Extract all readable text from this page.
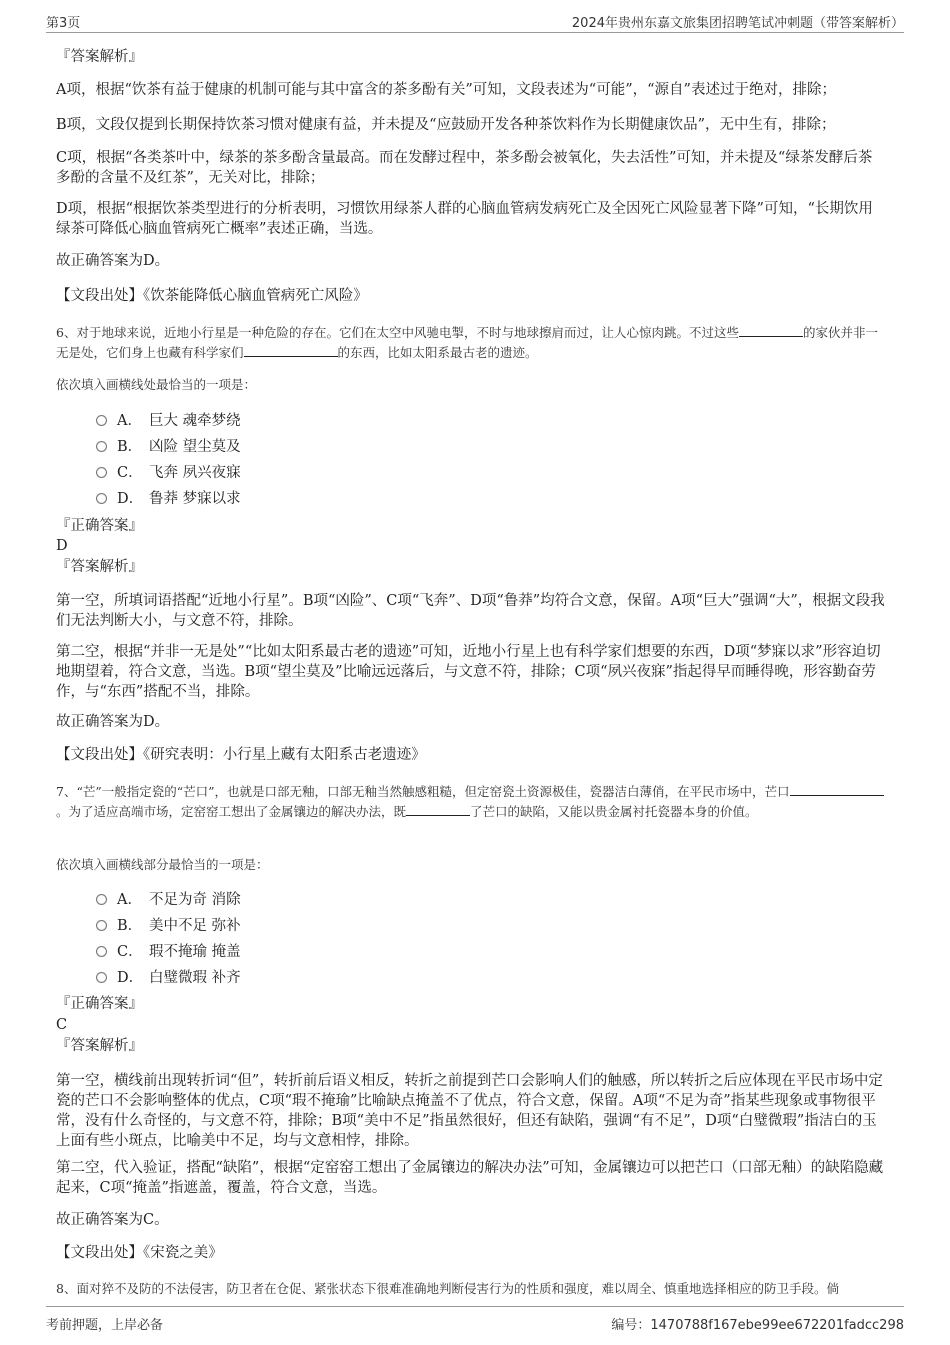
第3页	2024年贵州东嘉文旅集团招聘笔试冲刺题（带答案解析）
『答案解析』
A项，根据“饮茶有益于健康的机制可能与其中富含的茶多酚有关”可知，文段表述为“可能”，“源自”表述过于绝对，排除；
B项，文段仅提到长期保持饮茶习惯对健康有益，并未提及“应鼓励开发各种茶饮料作为长期健康饮品”，无中生有，排除；
C项，根据“各类茶叶中，绿茶的茶多酚含量最高。而在发酵过程中，茶多酚会被氧化，失去活性”可知，并未提及“绿茶发酵后茶多酚的含量不及红茶”，无关对比，排除；
D项，根据“根据饮茶类型进行的分析表明，习惯饮用绿茶人群的心脑血管病发病死亡及全因死亡风险显著下降”可知，“长期饮用绿茶可降低心脑血管病死亡概率”表述正确，当选。
故正确答案为D。
【文段出处】《饮茶能降低心脑血管病死亡风险》
6、对于地球来说，近地小行星是一种危险的存在。它们在太空中风驰电掣，不时与地球擦肩而过，让人心惊肉跳。不过这些	的家伙并非一无是处，它们身上也藏有科学家们	的东西，比如太阳系最古老的遗迹。
依次填入画横线处最恰当的一项是：
A． 巨大 魂牵梦绕
B． 凶险 望尘莫及
C． 飞奔 夙兴夜寐
D． 鲁莽 梦寐以求
『正确答案』
D
『答案解析』
第一空，所填词语搭配“近地小行星”。B项“凶险”、C项“飞奔”、D项“鲁莽”均符合文意，保留。A项“巨大”强调“大”，根据文段我们无法判断大小，与文意不符，排除。
第二空，根据“并非一无是处”“比如太阳系最古老的遗迹”可知，近地小行星上也有科学家们想要的东西，D项“梦寐以求”形容迫切地期望着，符合文意，当选。B项“望尘莫及”比喻远远落后，与文意不符，排除；C项“夙兴夜寐”指起得早而睡得晚，形容勤奋劳作，与“东西”搭配不当，排除。
故正确答案为D。
【文段出处】《研究表明：小行星上藏有太阳系古老遗迹》
7、“芒”一般指定瓷的“芒口”，也就是口部无釉，口部无釉当然触感粗糙，但定窑瓷土资源极佳，瓷器洁白薄俏，在平民市场中，芒口。为了适应高端市场，定窑窑工想出了金属镶边的解决办法，既	了芒口的缺陷，又能以贵金属衬托瓷器本身的价值。
依次填入画横线部分最恰当的一项是：
A． 不足为奇 消除
B． 美中不足 弥补
C． 瑕不掩瑜 掩盖
D． 白璧微瑕 补齐
『正确答案』
C
『答案解析』
第一空，横线前出现转折词“但”，转折前后语义相反，转折之前提到芒口会影响人们的触感，所以转折之后应体现在平民市场中定瓷的芒口不会影响整体的优点，C项“瑕不掩瑜”比喻缺点掩盖不了优点，符合文意，保留。A项“不足为奇”指某些现象或事物很平常，没有什么奇怪的，与文意不符，排除；B项“美中不足”指虽然很好，但还有缺陷，强调“有不足”，D项“白璧微瑕”指洁白的玉上面有些小斑点，比喻美中不足，均与文意相悖，排除。
第二空，代入验证，搭配“缺陷”，根据“定窑窑工想出了金属镶边的解决办法”可知，金属镶边可以把芒口（口部无釉）的缺陷隐藏起来，C项“掩盖”指遮盖，覆盖，符合文意，当选。
故正确答案为C。
【文段出处】《宋瓷之美》
8、面对猝不及防的不法侵害，防卫者在仓促、紧张状态下很难准确地判断侵害行为的性质和强度，难以周全、慎重地选择相应的防卫手段。倘
考前押题，上岸必备	编号：1470788f167ebe99ee672201fadcc298
